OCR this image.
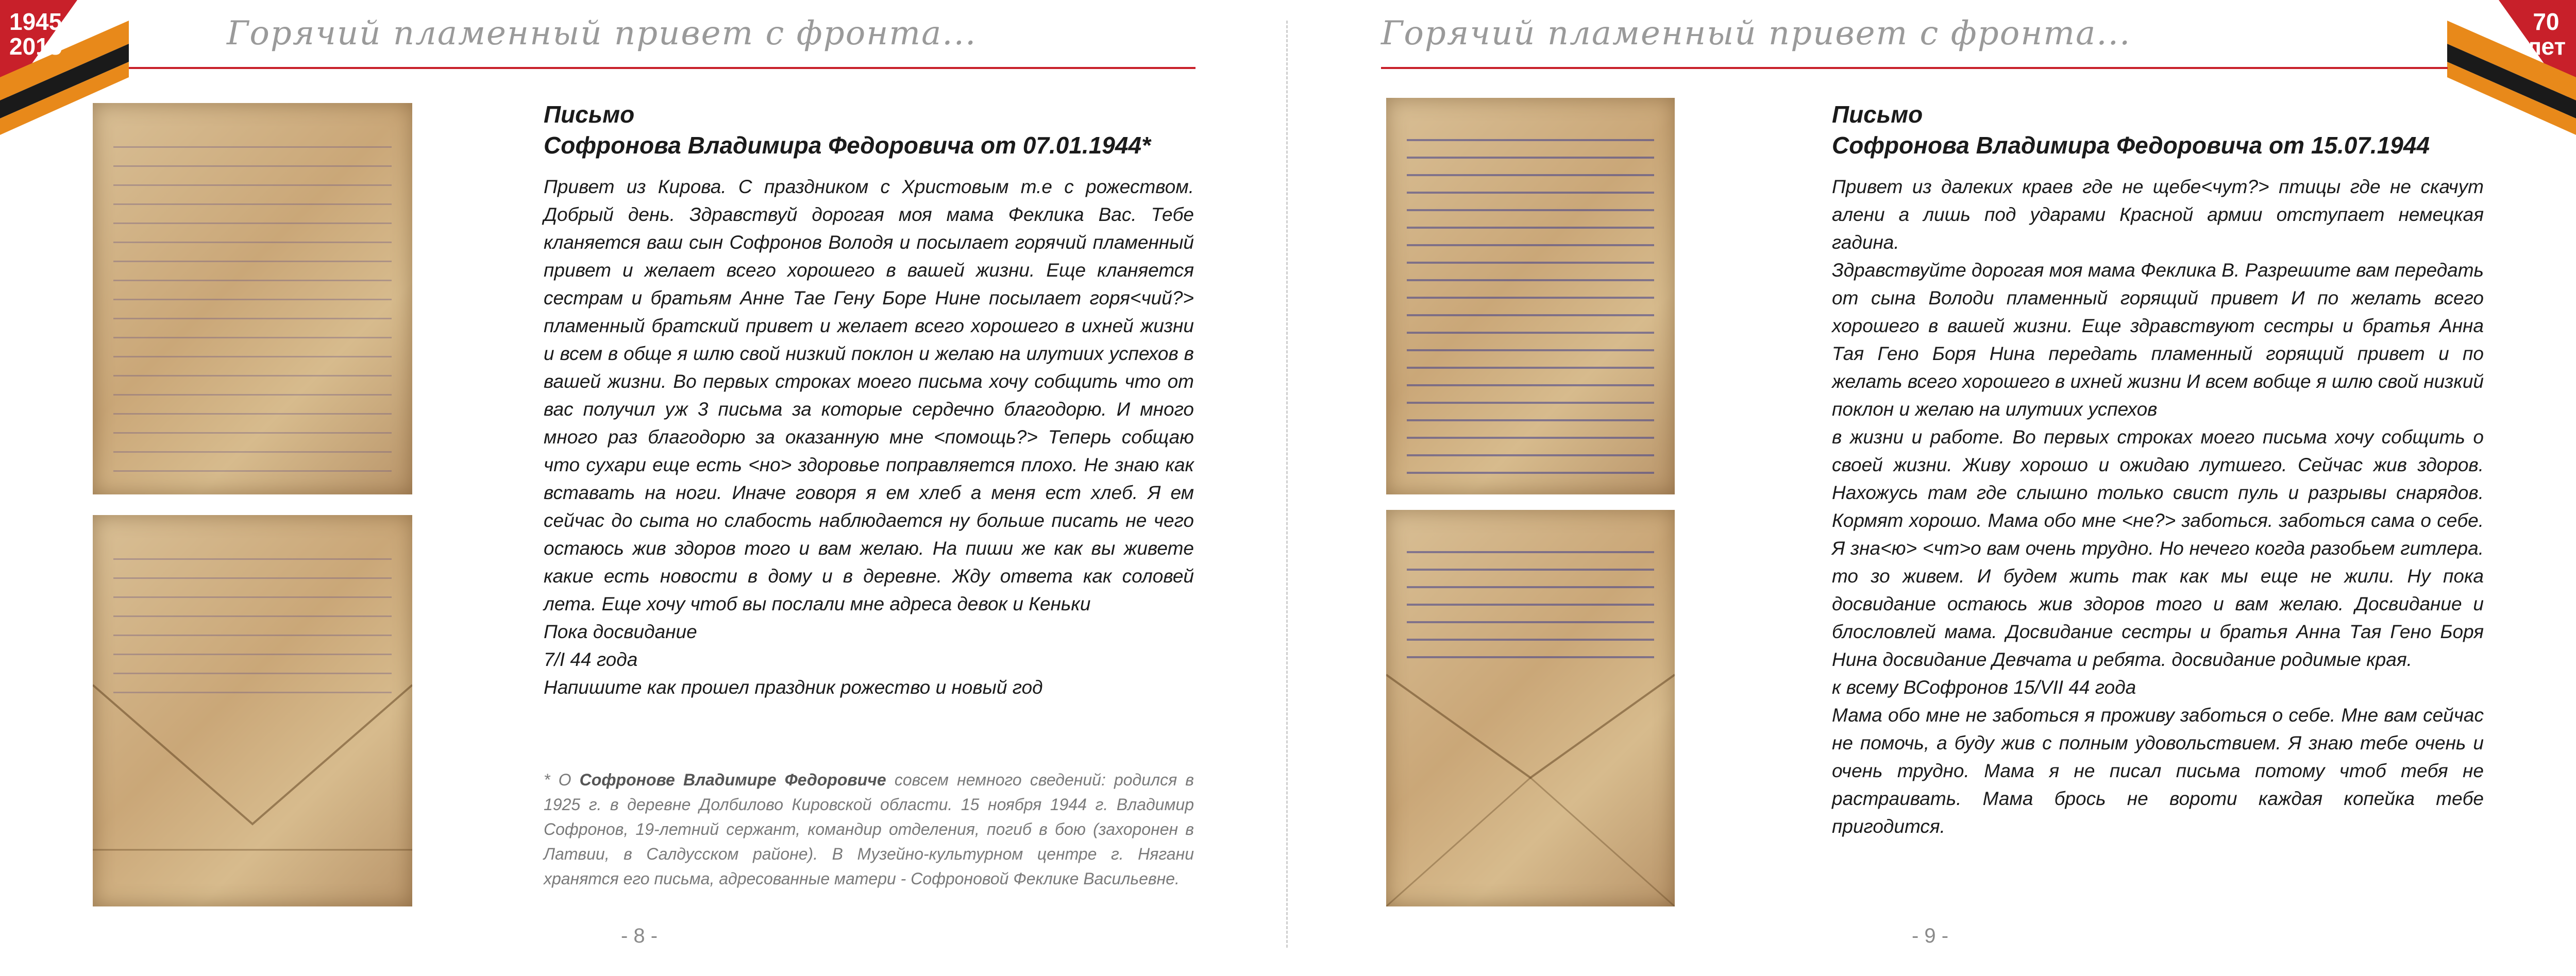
1945
2015	Горячий пламенный привет с фронта...
Письмо
Софронова Владимира Федоровича от 07.01.1944*

Привет из Кирова. С праздником с Христовым т.е с рожеством. Добрый день. Здравствуй дорогая моя мама Феклика Вас. Тебе кланяется ваш сын Софронов Володя и посылает горячий пламенный привет и желает всего хорошего в вашей жизни. Еще кланяется сестрам и братьям Анне Тае Гену Боре Нине посылает горя<чий?> пламенный братский привет и желает всего хорошего в ихней жизни и всем в обще я шлю свой низкий поклон и желаю на илутиих успехов в вашей жизни. Во первых строках моего письма хочу собщить что от вас получил уж 3 письма за которые сердечно благодорю. И много много раз благодорю за оказанную мне <помощь?> Теперь собщаю что сухари еще есть <но> здоровье поправляется плохо. Не знаю как вставать на ноги. Иначе говоря я ем хлеб а меня ест хлеб. Я ем сейчас до сыта но слабость наблюдается ну больше писать не чего остаюсь жив здоров того и вам желаю. На пиши же как вы живете какие есть новости в дому и в деревне. Жду ответа как соловей лета. Еще хочу чтоб вы послали мне адреса девок и Кеньки

Пока досвидание

7/I 44 года

Напишите как прошел праздник рожество и новый год

* О Софронове Владимире Федоровиче совсем немного сведений: родился в 1925 г. в деревне Долбилово Кировской области. 15 ноября 1944 г. Владимир Софронов, 19-летний сержант, командир отделения, погиб в бою (захоронен в Латвии, в Салдусском районе). В Музейно-культурном центре г. Нягани хранятся его письма, адресованные матери - Софроновой Феклике Васильевне.
- 8 -
70
лет
Горячий пламенный привет с фронта...
Письмо
Софронова Владимира Федоровича от 15.07.1944

Привет из далеких краев где не щебе<чут?> птицы где не скачут алени а лишь под ударами Красной армии отступает немецкая гадина.

Здравствуйте дорогая моя мама Феклика В. Разрешите вам передать от сына Володи пламенный горящий привет И по желать всего хорошего в вашей жизни. Еще здравствуют сестры и братья Анна Тая Гено Боря Нина передать пламенный горящий привет и по желать всего хорошего в ихней жизни И всем вобще я шлю свой низкий поклон и желаю на илутиих успехов

в жизни и работе. Во первых строках моего письма хочу собщить о своей жизни. Живу хорошо и ожидаю лутшего. Сейчас жив здоров. Нахожусь там где слышно только свист пуль и разрывы снарядов. Кормят хорошо. Мама обо мне <не?> заботься. заботься сама о себе. Я зна<ю> <чт>о вам очень трудно. Но нечего когда разобьем гитлера. то зо живем. И будем жить так как мы еще не жили. Ну пока досвидание остаюсь жив здоров того и вам желаю. Досвидание и блословлей мама. Досвидание сестры и братья Анна Тая Гено Боря Нина досвидание Девчата и ребята. досвидание родимые края.

к всему ВСофронов 15/VII 44 года

Мама обо мне не заботься я проживу заботься о себе. Мне вам сейчас не помочь, а буду жив с полным удовольствием. Я знаю тебе очень и очень трудно. Мама я не писал письма потому чтоб тебя не растраивать. Мама брось не вороти каждая копейка тебе пригодится.

- 9 -
